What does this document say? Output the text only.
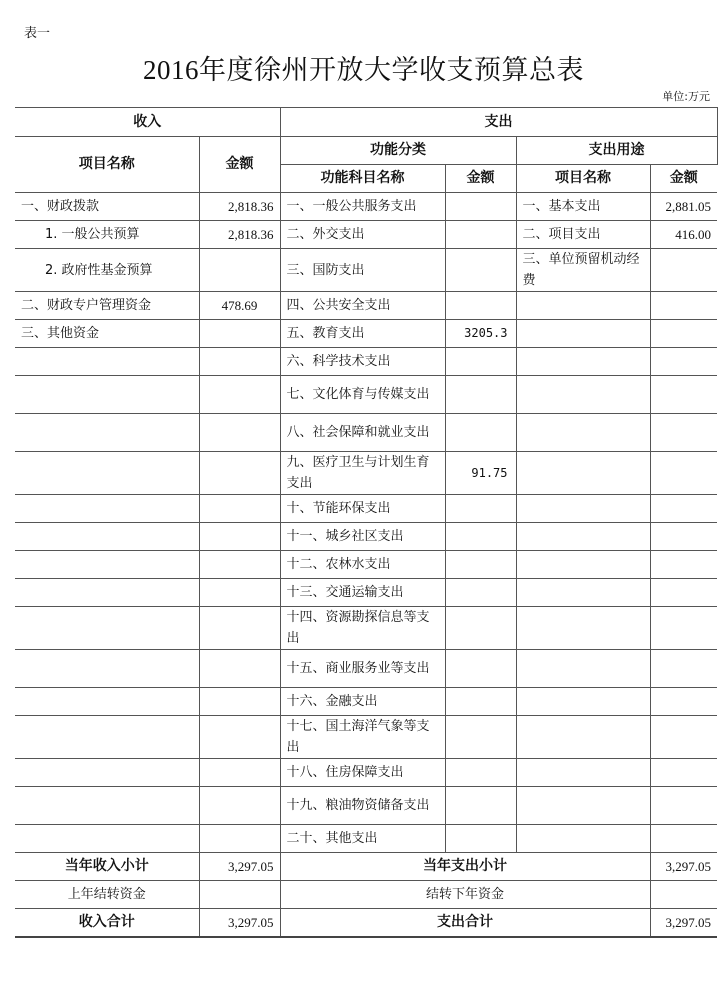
表一
2016年度徐州开放大学收支预算总表
单位:万元
收入		支出			
项目名称	金额	功能分类		支出用途	
		功能科目名称	金额	项目名称	金额
一、财政拨款	2,818.36	一、一般公共服务支出		一、基本支出	2,881.05
1. 一般公共预算	2,818.36	二、外交支出		二、项目支出	416.00
2. 政府性基金预算		三、国防支出		三、单位预留机动经费	
二、财政专户管理资金	478.69	四、公共安全支出			
三、其他资金		五、教育支出	3205.3		
		六、科学技术支出			
		七、文化体育与传媒支出			
		八、社会保障和就业支出			
		九、医疗卫生与计划生育支出	91.75		
		十、节能环保支出			
		十一、城乡社区支出			
		十二、农林水支出			
		十三、交通运输支出			
		十四、资源勘探信息等支出			
		十五、商业服务业等支出			
		十六、金融支出			
		十七、国土海洋气象等支出			
		十八、住房保障支出			
		十九、粮油物资储备支出			
		二十、其他支出			
当年收入小计	3,297.05	当年支出小计			3,297.05
上年结转资金		结转下年资金			
收入合计	3,297.05	支出合计			3,297.05
